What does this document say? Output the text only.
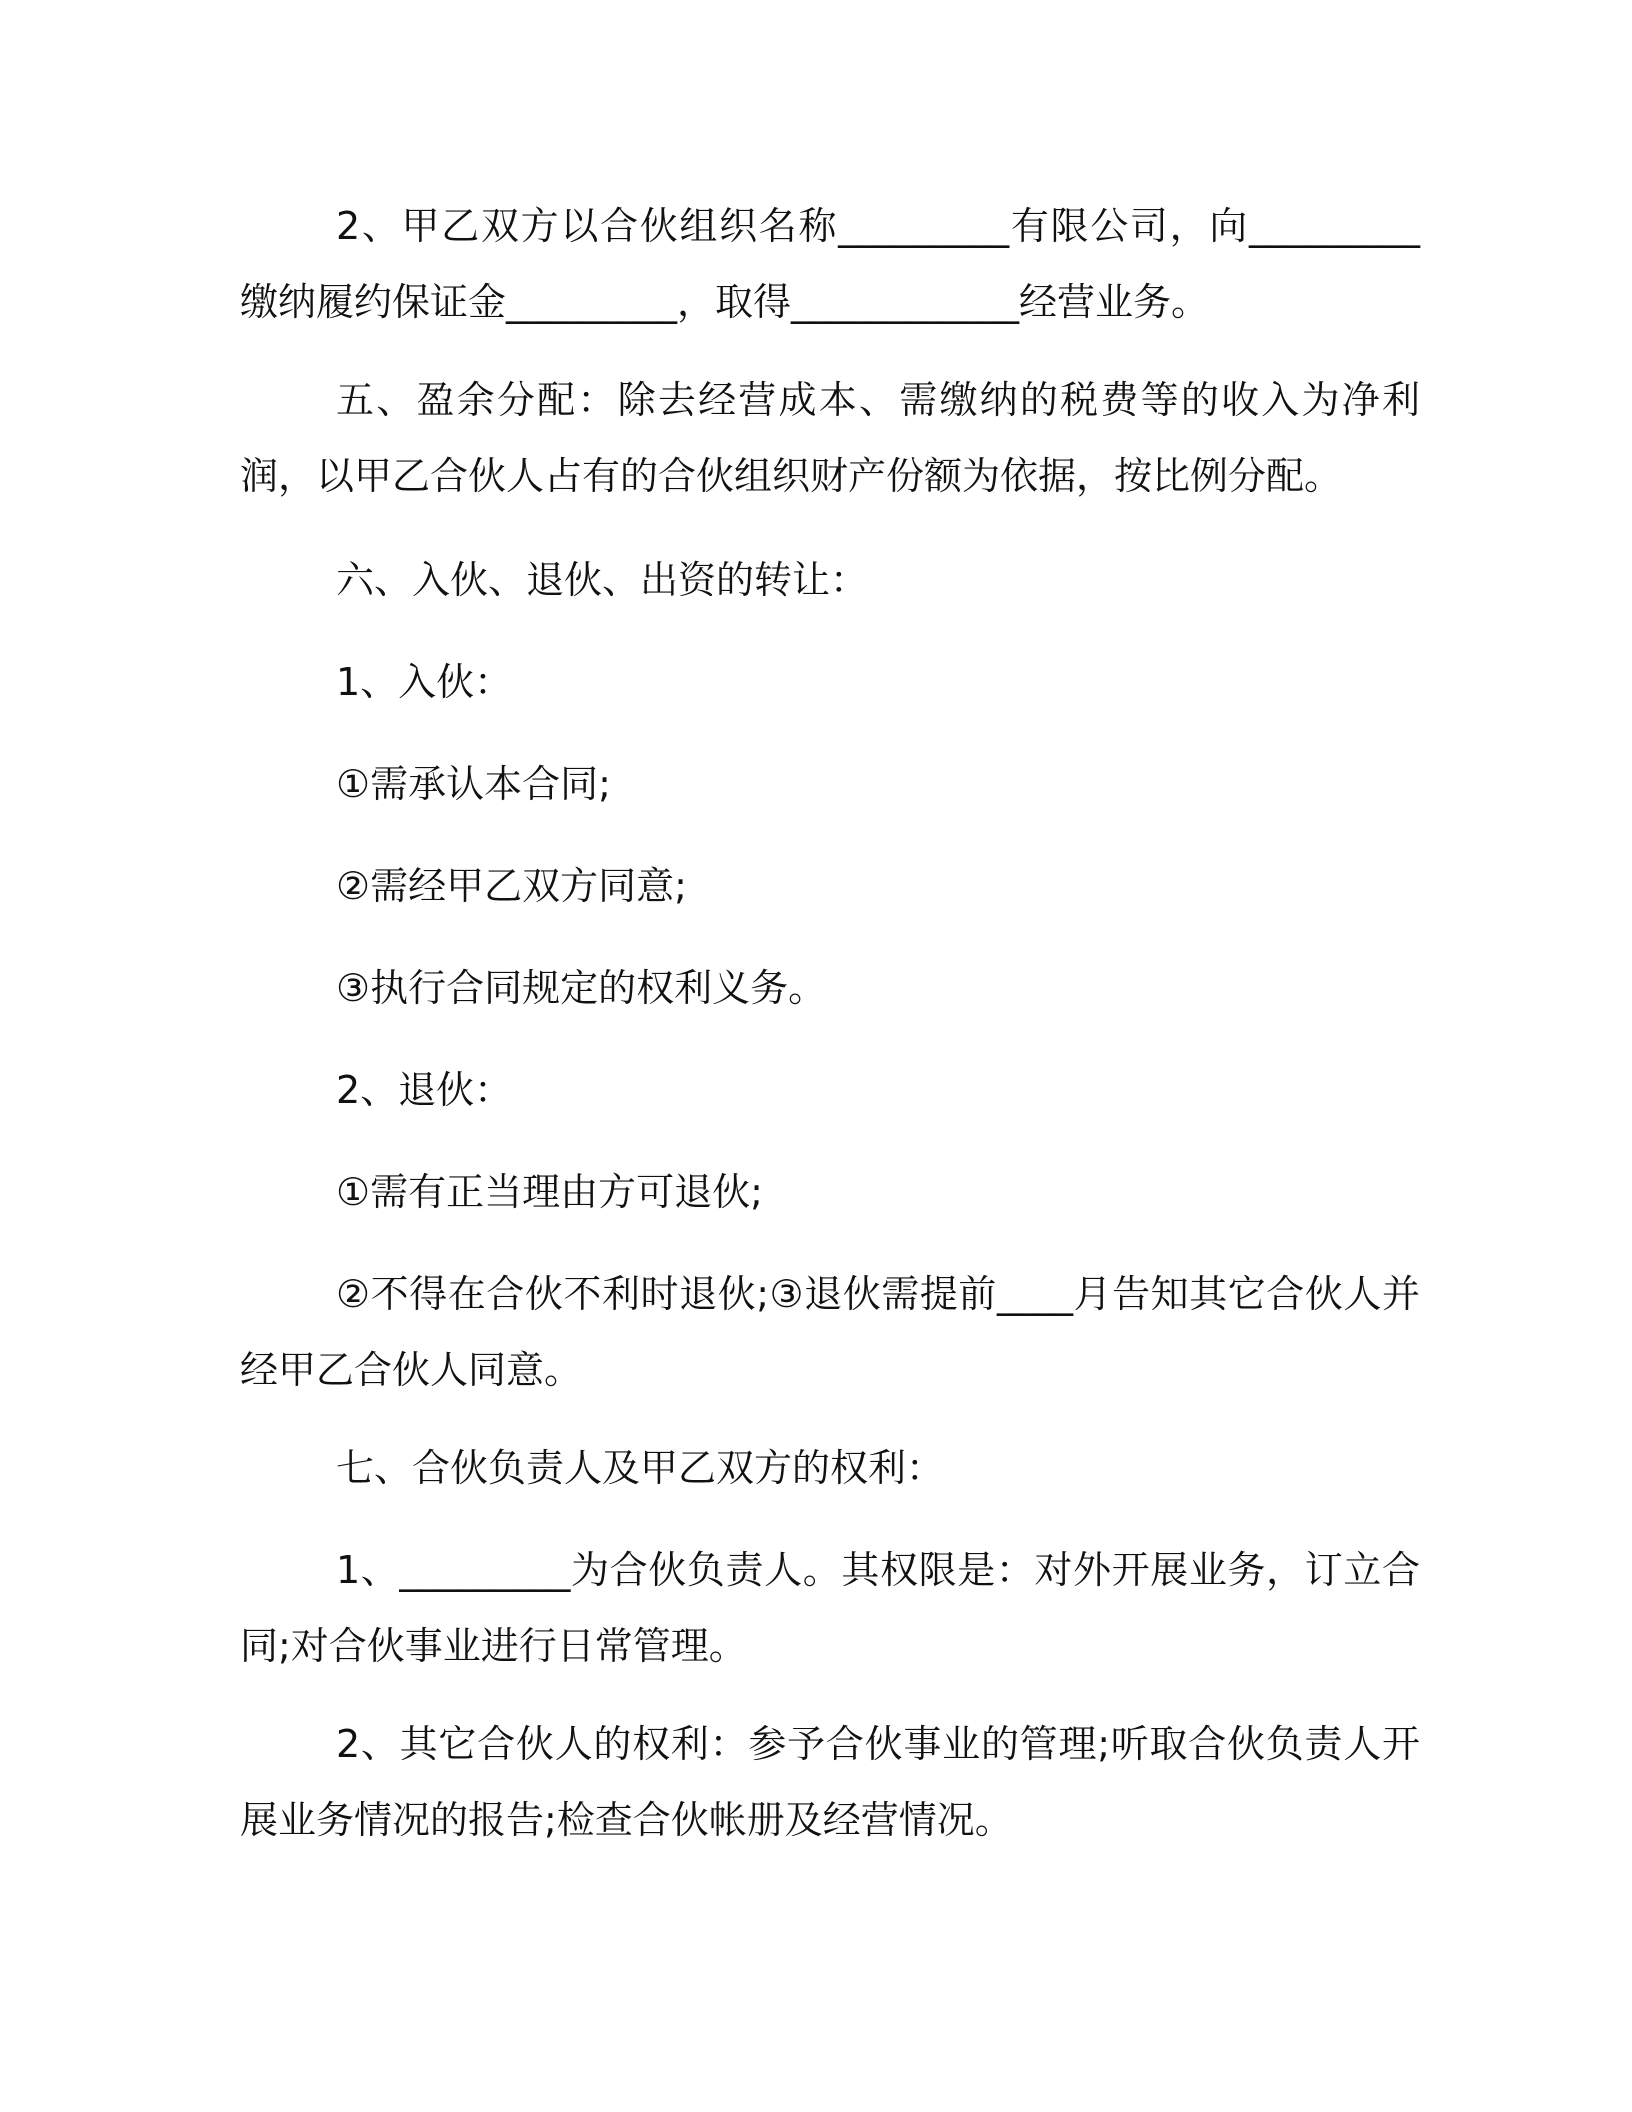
2、甲乙双方以合伙组织名称_________有限公司，向_________缴纳履约保证金_________，取得____________经营业务。

五、盈余分配：除去经营成本、需缴纳的税费等的收入为净利润，以甲乙合伙人占有的合伙组织财产份额为依据，按比例分配。

六、入伙、退伙、出资的转让：

1、入伙：

①需承认本合同;

②需经甲乙双方同意;

③执行合同规定的权利义务。

2、退伙：

①需有正当理由方可退伙;

②不得在合伙不利时退伙;③退伙需提前____月告知其它合伙人并经甲乙合伙人同意。

七、合伙负责人及甲乙双方的权利：

1、_________为合伙负责人。其权限是：对外开展业务，订立合同;对合伙事业进行日常管理。

2、其它合伙人的权利：参予合伙事业的管理;听取合伙负责人开展业务情况的报告;检查合伙帐册及经营情况。
